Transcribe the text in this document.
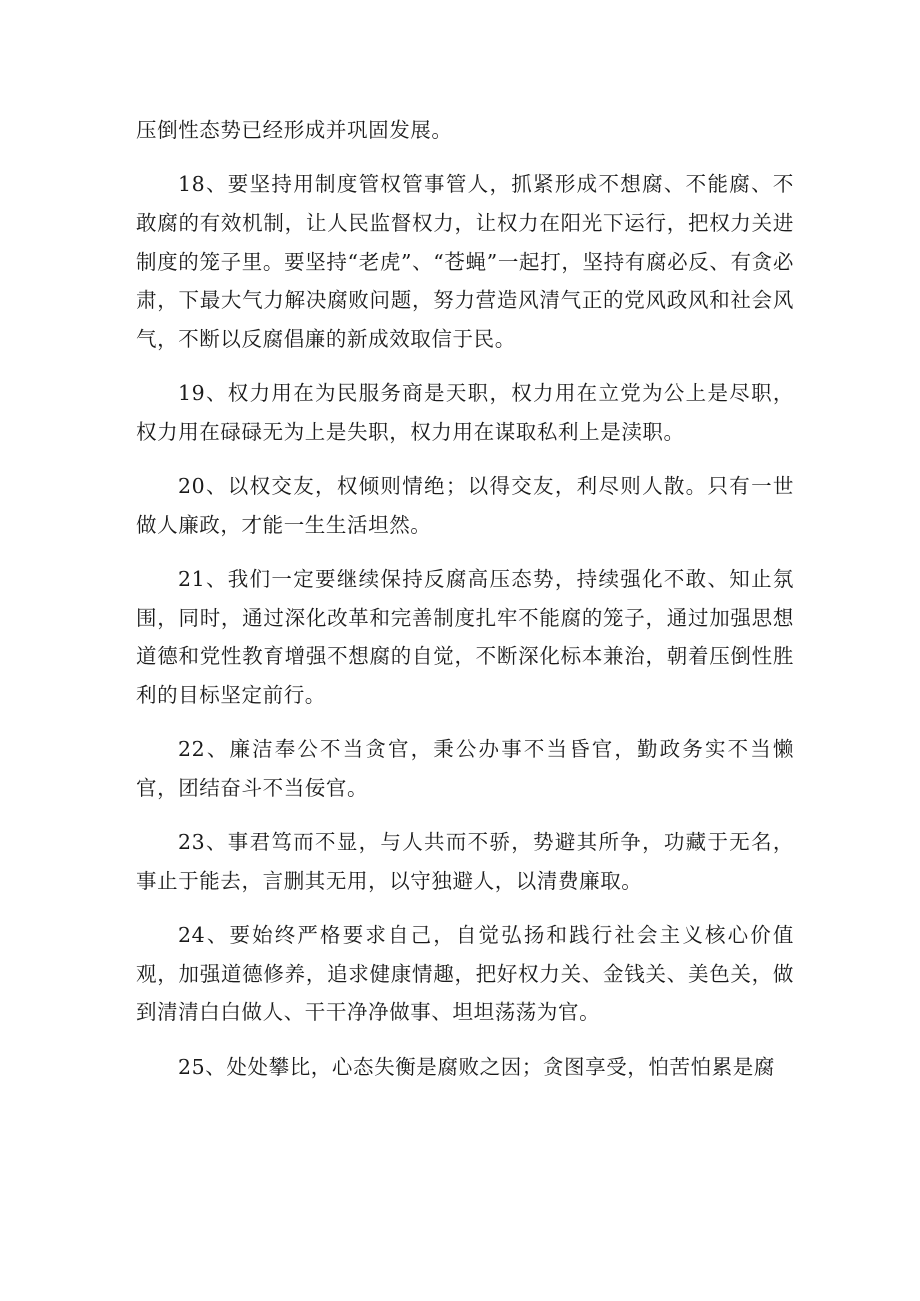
压倒性态势已经形成并巩固发展。

18、要坚持用制度管权管事管人，抓紧形成不想腐、不能腐、不敢腐的有效机制，让人民监督权力，让权力在阳光下运行，把权力关进制度的笼子里。要坚持“老虎”、“苍蝇”一起打，坚持有腐必反、有贪必肃，下最大气力解决腐败问题，努力营造风清气正的党风政风和社会风气，不断以反腐倡廉的新成效取信于民。

19、权力用在为民服务商是天职，权力用在立党为公上是尽职，权力用在碌碌无为上是失职，权力用在谋取私利上是渎职。

20、以权交友，权倾则情绝；以得交友，利尽则人散。只有一世做人廉政，才能一生生活坦然。

21、我们一定要继续保持反腐高压态势，持续强化不敢、知止氛围，同时，通过深化改革和完善制度扎牢不能腐的笼子，通过加强思想道德和党性教育增强不想腐的自觉，不断深化标本兼治，朝着压倒性胜利的目标坚定前行。

22、廉洁奉公不当贪官，秉公办事不当昏官，勤政务实不当懒官，团结奋斗不当佞官。

23、事君笃而不显，与人共而不骄，势避其所争，功藏于无名，事止于能去，言删其无用，以守独避人，以清费廉取。

24、要始终严格要求自己，自觉弘扬和践行社会主义核心价值观，加强道德修养，追求健康情趣，把好权力关、金钱关、美色关，做到清清白白做人、干干净净做事、坦坦荡荡为官。

25、处处攀比，心态失衡是腐败之因；贪图享受，怕苦怕累是腐
